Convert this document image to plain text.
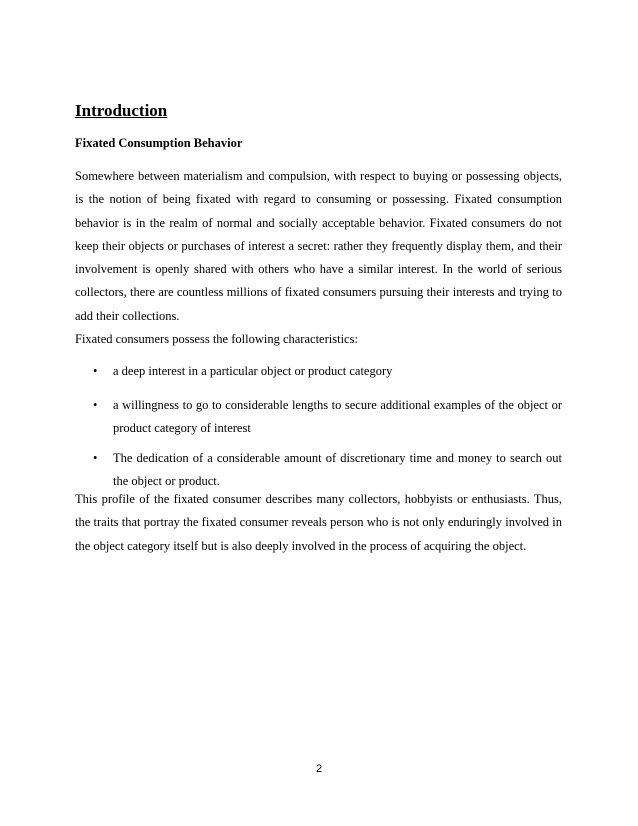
Introduction
Fixated Consumption Behavior

Somewhere between materialism and compulsion, with respect to buying or possessing objects, is the notion of being fixated with regard to consuming or possessing. Fixated consumption behavior is in the realm of normal and socially acceptable behavior. Fixated consumers do not keep their objects or purchases of interest a secret: rather they frequently display them, and their involvement is openly shared with others who have a similar interest. In the world of serious collectors, there are countless millions of fixated consumers pursuing their interests and trying to add their collections.

Fixated consumers possess the following characteristics:

•	a deep interest in a particular object or product category
•	a willingness to go to considerable lengths to secure additional examples of the object or product category of interest
•	The dedication of a considerable amount of discretionary time and money to search out the object or product.

This profile of the fixated consumer describes many collectors, hobbyists or enthusiasts. Thus, the traits that portray the fixated consumer reveals person who is not only enduringly involved in the object category itself but is also deeply involved in the process of acquiring the object.

2
